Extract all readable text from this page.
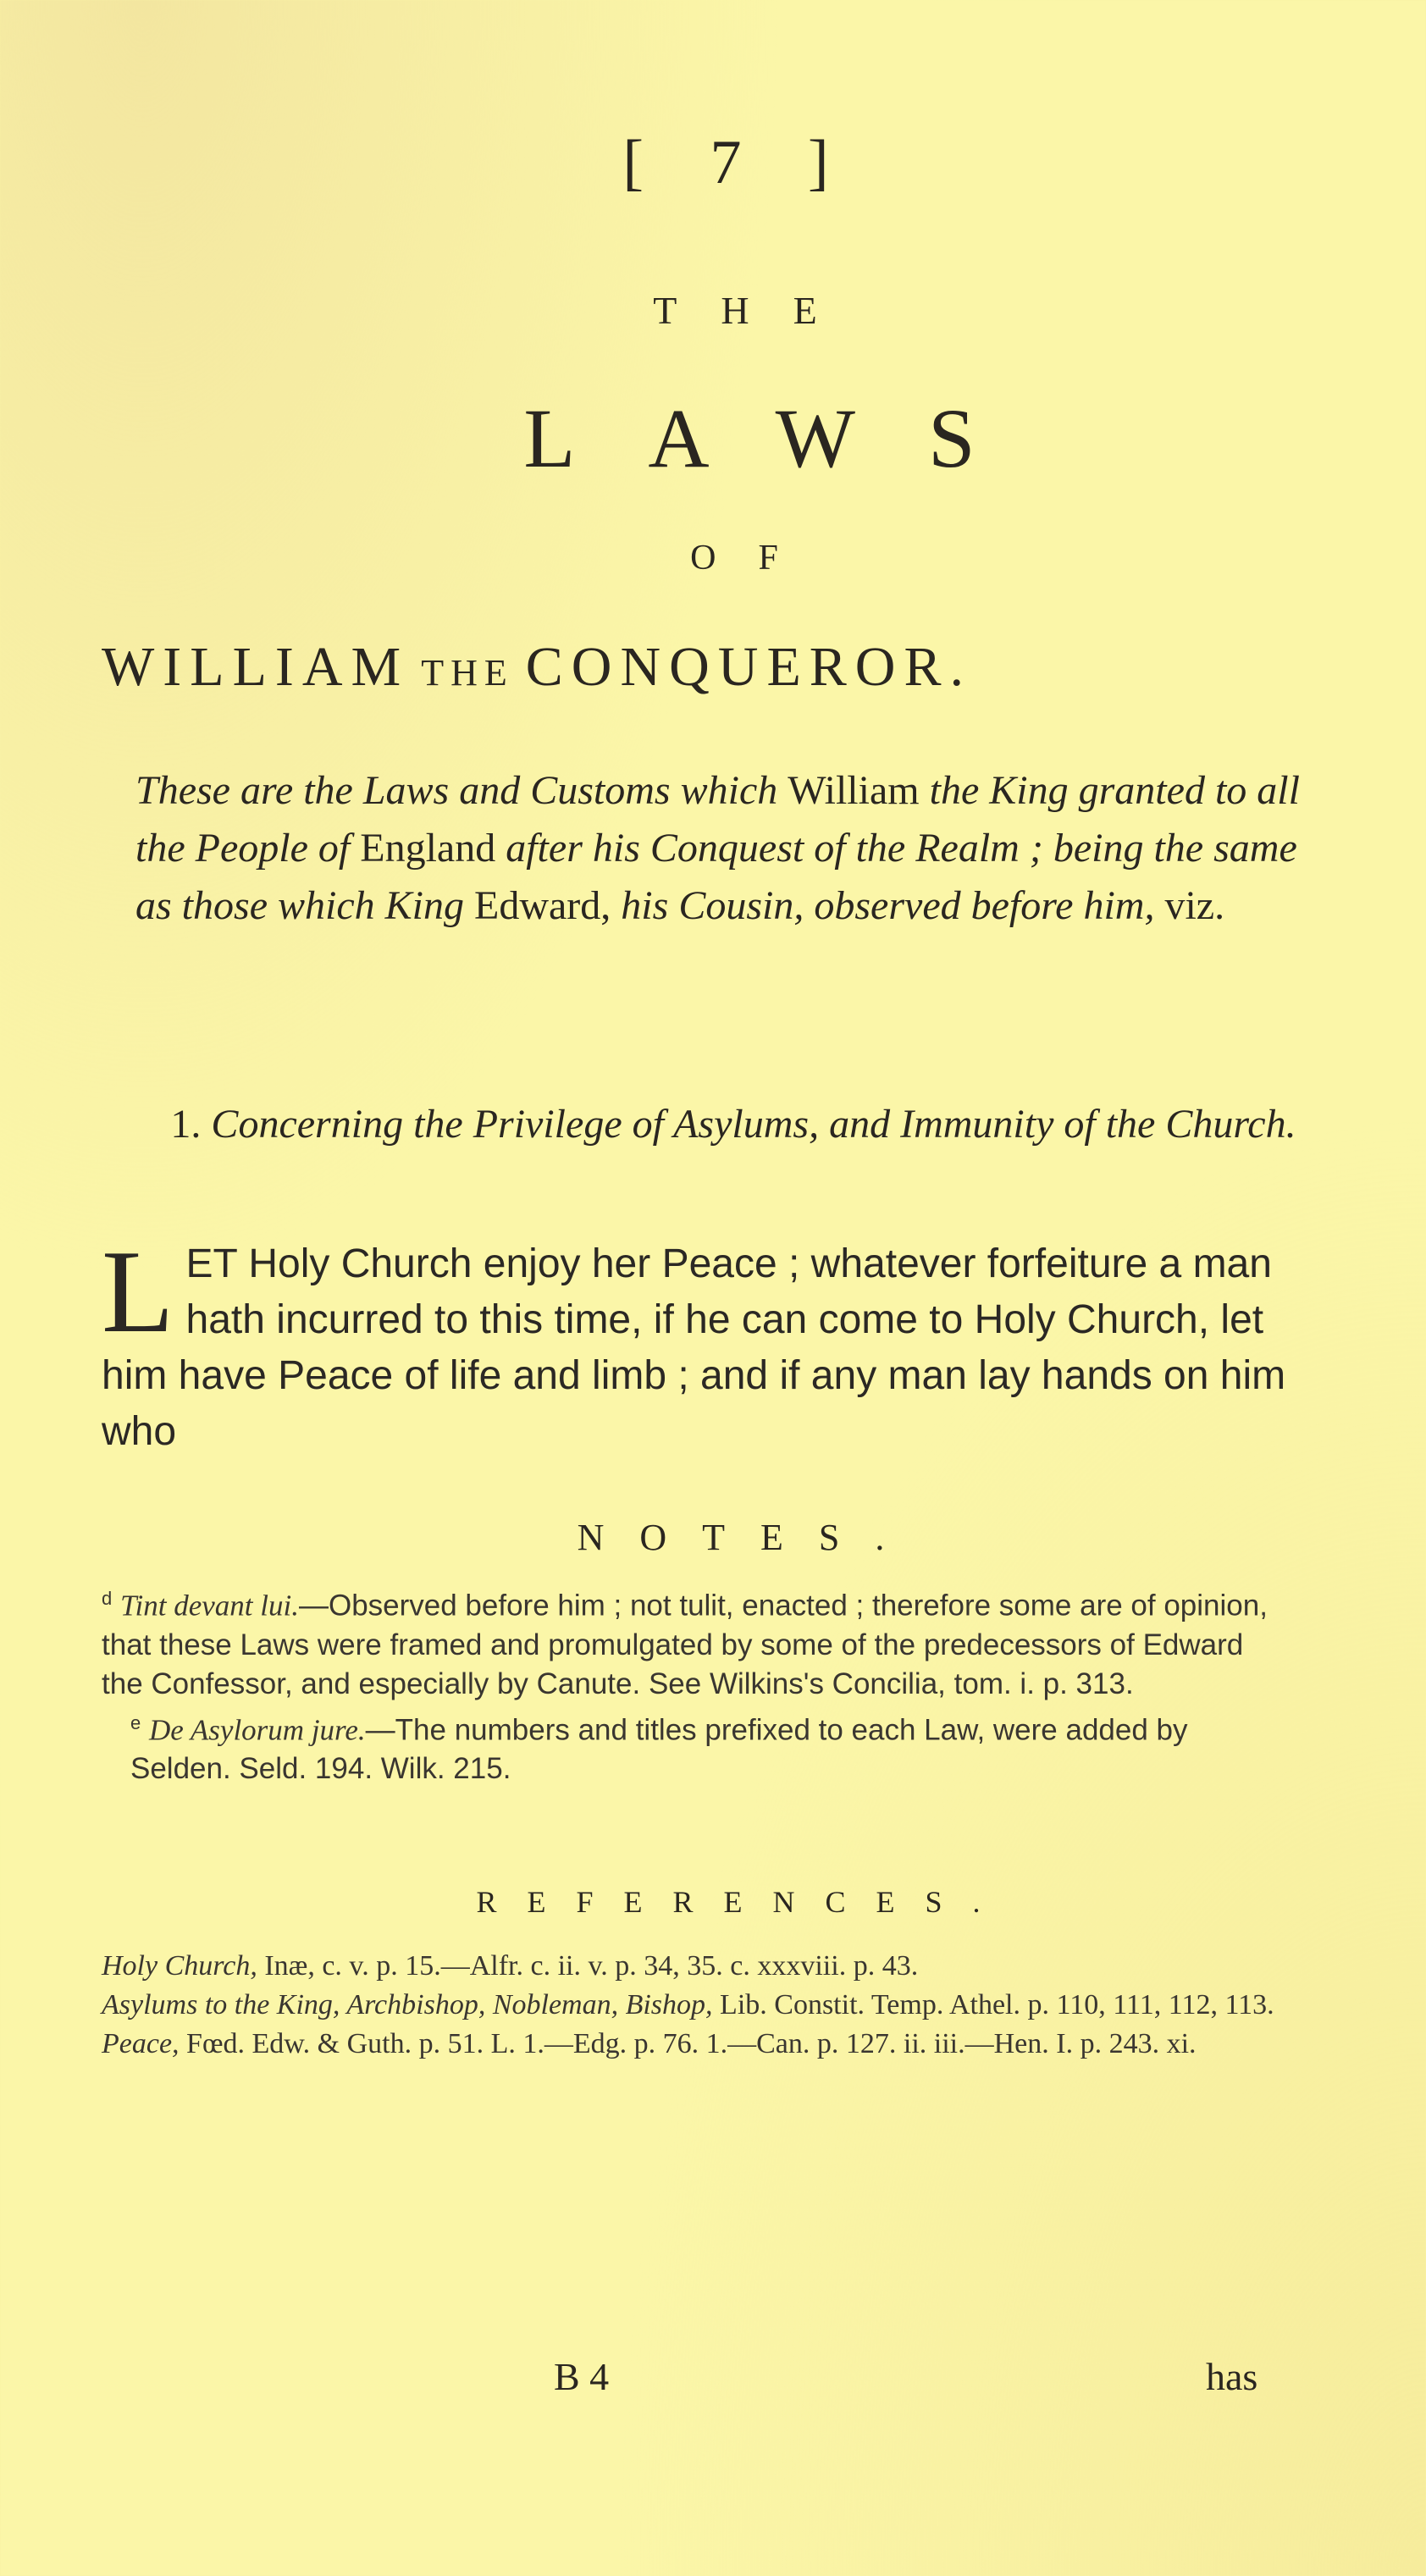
[ 7 ]
THE
LAWS
OF
WILLIAM THE CONQUEROR.
These are the Laws and Customs which William the King granted to all the People of England after his Conquest of the Realm ; being the same as those which King Edward, his Cousin, observed before him, viz.
1. Concerning the Privilege of Asylums, and Immunity of the Church.
L ET Holy Church enjoy her Peace ; whatever forfeiture a man hath incurred to this time, if he can come to Holy Church, let him have Peace of life and limb ; and if any man lay hands on him who
NOTES.

$^d$ Tint devant lui.—Observed before him ; not tulit, enacted ; therefore some are of opinion, that these Laws were framed and promulgated by some of the predecessors of Edward the Confessor, and especially by Canute. See Wilkins's Concilia, tom. i. p. 313.

$^e$ De Asylorum jure.—The numbers and titles prefixed to each Law, were added by Selden. Seld. 194. Wilk. 215.

REFERENCES.

Holy Church, Inæ, c. v. p. 15.—Alfr. c. ii. v. p. 34, 35. c. xxxviii. p. 43.

Asylums to the King, Archbishop, Nobleman, Bishop, Lib. Constit. Temp. Athel. p. 110, 111, 112, 113.

Peace, Fœd. Edw. & Guth. p. 51. L. 1.—Edg. p. 76. 1.—Can. p. 127. ii. iii.—Hen. I. p. 243. xi.

B 4	has
